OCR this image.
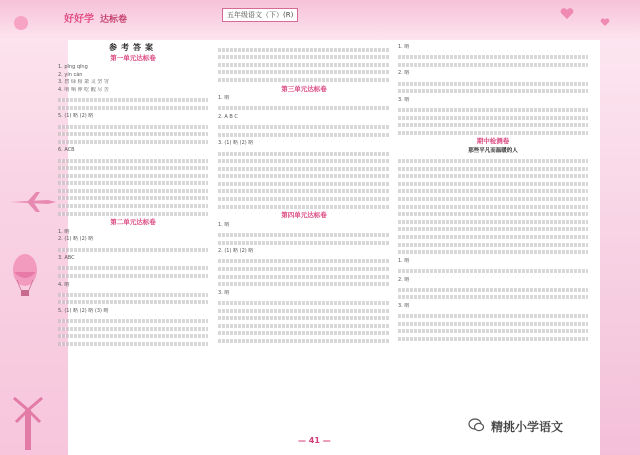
好好学 达标卷	五年级语文（下）(R)
参考答案
第一单元达标卷
1. pīng qīng
2. yín cán
3. 碧 绿 相 萧 灵 坚 穷
4. 明 响 伸 吃 醒 尽 苦
5. (1) 略 (2) 略
6. ACB
第二单元达标卷
1. 略
2. (1) 略 (2) 略
3. ABC
4. 略
5. (1) 略 (2) 略 (3) 略
第三单元达标卷
1. 略
2. A B C
3. (1) 略 (2) 略
第四单元达标卷
1. 略
2. (1) 略 (2) 略
3. 略
1. 略
2. 略
3. 略
期中检测卷
那些平凡而温暖的人
1. 略
2. 略
3. 略
— 41 —
精挑小学语文
